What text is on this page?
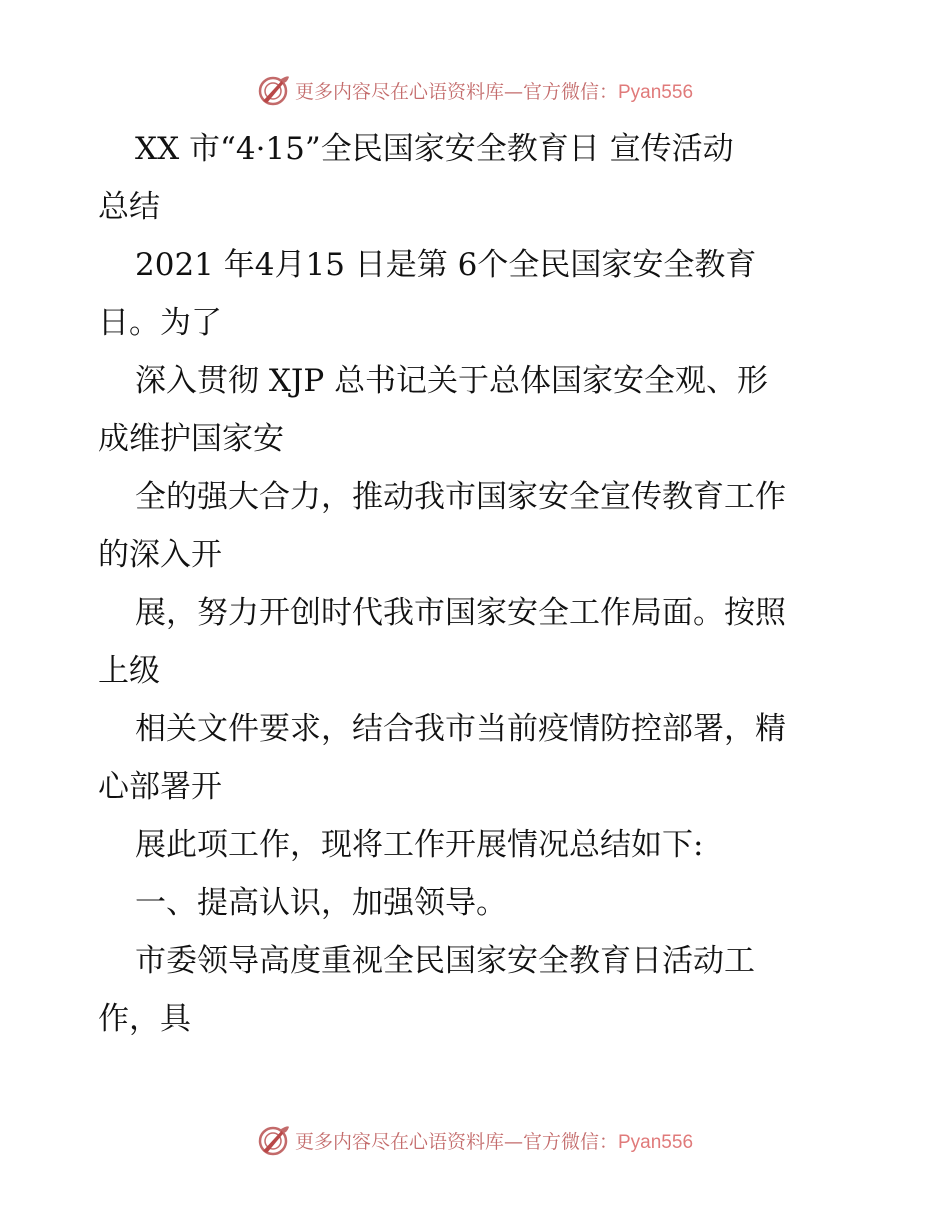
更多内容尽在心语资料库—官方微信：Pyan556
XX 市“4·15”全民国家安全教育日 宣传活动
总结
2021 年4月15 日是第 6个全民国家安全教育
日。为了
深入贯彻 XJP 总书记关于总体国家安全观、形
成维护国家安
全的强大合力，推动我市国家安全宣传教育工作
的深入开
展，努力开创时代我市国家安全工作局面。按照
上级
相关文件要求，结合我市当前疫情防控部署，精
心部署开
展此项工作，现将工作开展情况总结如下:
一、提高认识，加强领导。
市委领导高度重视全民国家安全教育日活动工
作，具
更多内容尽在心语资料库—官方微信：Pyan556
